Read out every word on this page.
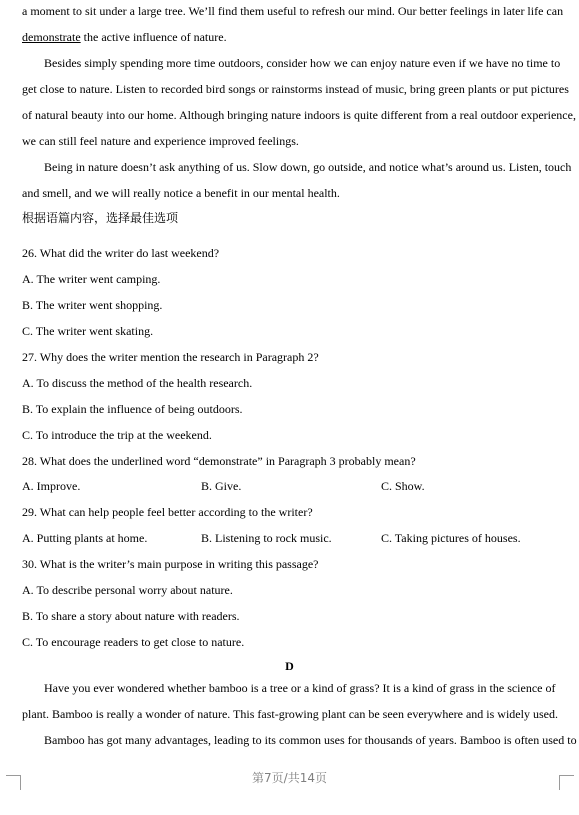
a moment to sit under a large tree. We’ll find them useful to refresh our mind. Our better feelings in later life can
demonstrate the active influence of nature.
Besides simply spending more time outdoors, consider how we can enjoy nature even if we have no time to
get close to nature. Listen to recorded bird songs or rainstorms instead of music, bring green plants or put pictures
of natural beauty into our home. Although bringing nature indoors is quite different from a real outdoor experience,
we can still feel nature and experience improved feelings.
Being in nature doesn’t ask anything of us. Slow down, go outside, and notice what’s around us. Listen, touch
and smell, and we will really notice a benefit in our mental health.
根据语篇内容，选择最佳选项
26. What did the writer do last weekend?
A. The writer went camping.
B. The writer went shopping.
C. The writer went skating.
27. Why does the writer mention the research in Paragraph 2?
A. To discuss the method of the health research.
B. To explain the influence of being outdoors.
C. To introduce the trip at the weekend.
28. What does the underlined word “demonstrate” in Paragraph 3 probably mean?
A. Improve.	B. Give.	C. Show.
29. What can help people feel better according to the writer?
A. Putting plants at home.	B. Listening to rock music.	C. Taking pictures of houses.
30. What is the writer’s main purpose in writing this passage?
A. To describe personal worry about nature.
B. To share a story about nature with readers.
C. To encourage readers to get close to nature.
D
Have you ever wondered whether bamboo is a tree or a kind of grass? It is a kind of grass in the science of
plant. Bamboo is really a wonder of nature. This fast-growing plant can be seen everywhere and is widely used.
Bamboo has got many advantages, leading to its common uses for thousands of years. Bamboo is often used to
第7页/共14页
